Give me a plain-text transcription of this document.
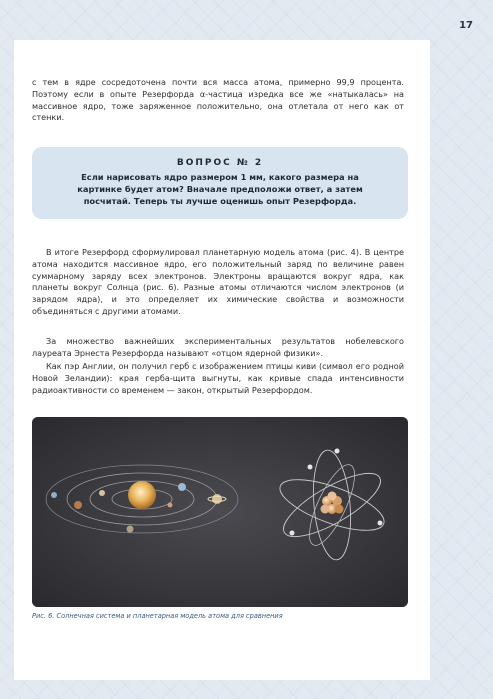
17

с тем в ядре сосредоточена почти вся масса атома, примерно 99,9 процента. Поэтому если в опыте Резерфорда α-частица изредка все же «натыкалась» на массивное ядро, тоже заряженное положительно, она отлетала от него как от стенки.

ВОПРОС № 2
Если нарисовать ядро размером 1 мм, какого размера на картинке будет атом? Вначале предположи ответ, а затем посчитай. Теперь ты лучше оценишь опыт Резерфорда.

В итоге Резерфорд сформулировал планетарную модель атома (рис. 4). В центре атома находится массивное ядро, его положительный заряд по величине равен суммарному заряду всех электронов. Электроны вращаются вокруг ядра, как планеты вокруг Солнца (рис. 6). Разные атомы отличаются числом электронов (и зарядом ядра), и это определяет их химические свойства и возможности объединяться с другими атомами.

За множество важнейших экспериментальных результатов нобелевского лауреата Эрнеста Резерфорда называют «отцом ядерной физики».

Как пэр Англии, он получил герб с изображением птицы киви (символ его родной Новой Зеландии): края герба-щита выгнуты, как кривые спада интенсивности радиоактивности со временем — закон, открытый Резерфордом.

Рис. 6. Солнечная система и планетарная модель атома для сравнения
